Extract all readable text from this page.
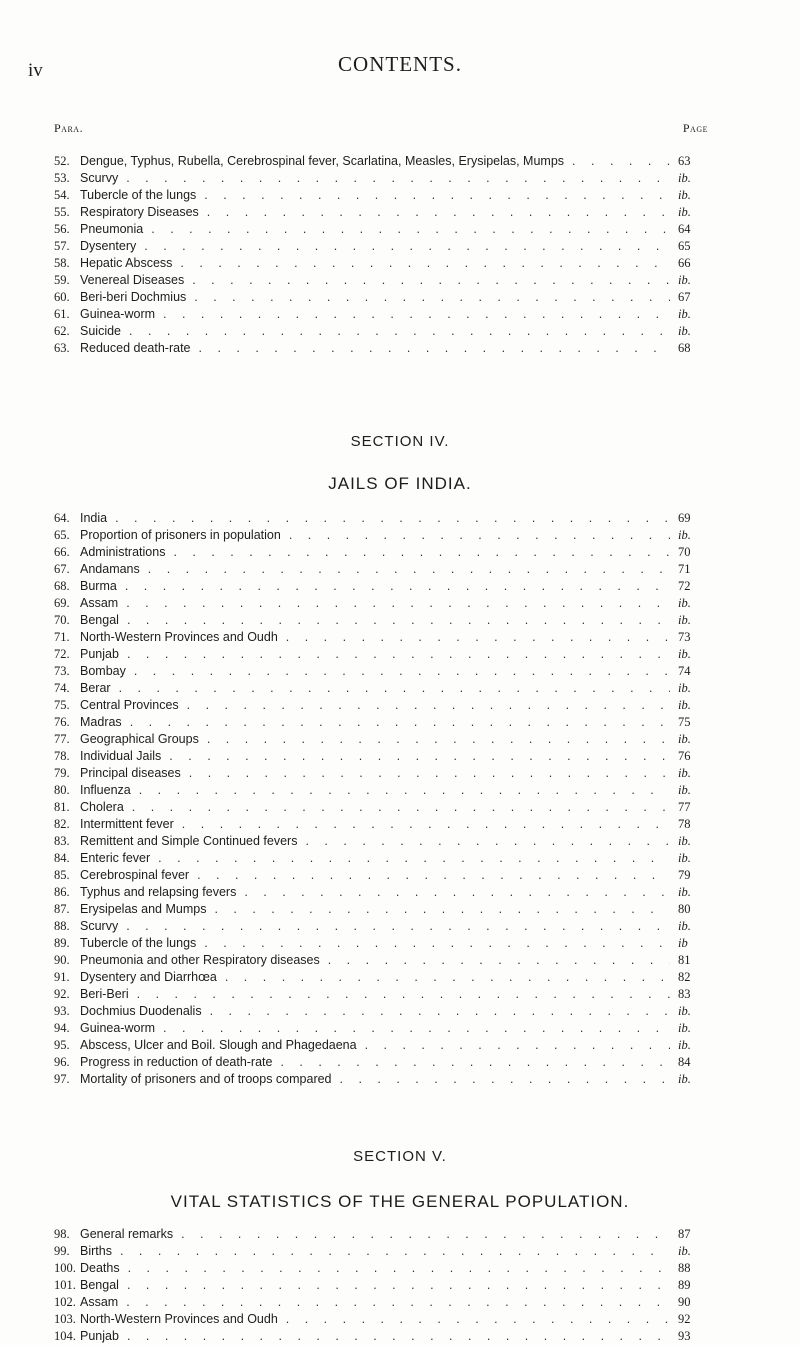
iv	CONTENTS.
Para.	Page
52. Dengue, Typhus, Rubella, Cerebrospinal fever, Scarlatina, Measles, Erysipelas, Mumps . . .	63
53. Scurvy . . .	ib.
54. Tubercle of the lungs . . .	ib.
55. Respiratory Diseases . . .	ib.
56. Pneumonia . . .	64
57. Dysentery . . .	65
58. Hepatic Abscess . . .	66
59. Venereal Diseases . . .	ib.
60. Beri-beri Dochmius . . .	67
61. Guinea-worm . . .	ib.
62. Suicide . . .	ib.
63. Reduced death-rate . . .	68
SECTION IV.
JAILS OF INDIA.
64. India . . .	69
65. Proportion of prisoners in population . . .	ib.
66. Administrations . . .	70
67. Andamans . . .	71
68. Burma . . .	72
69. Assam . . .	ib.
70. Bengal . . .	ib.
71. North-Western Provinces and Oudh . . .	73
72. Punjab . . .	ib.
73. Bombay . . .	74
74. Berar . . .	ib.
75. Central Provinces . . .	ib.
76. Madras . . .	75
77. Geographical Groups . . .	ib.
78. Individual Jails . . .	76
79. Principal diseases . . .	ib.
80. Influenza . . .	ib.
81. Cholera . . .	77
82. Intermittent fever . . .	78
83. Remittent and Simple Continued fevers . . .	ib.
84. Enteric fever . . .	ib.
85. Cerebrospinal fever . . .	79
86. Typhus and relapsing fevers . . .	ib.
87. Erysipelas and Mumps . . .	80
88. Scurvy . . .	ib.
89. Tubercle of the lungs . . .	ib
90. Pneumonia and other Respiratory diseases . . .	81
91. Dysentery and Diarrhœa . . .	82
92. Beri-Beri . . .	83
93. Dochmius Duodenalis . . .	ib.
94. Guinea-worm . . .	ib.
95. Abscess, Ulcer and Boil. Slough and Phagedaena . . .	ib.
96. Progress in reduction of death-rate . . .	84
97. Mortality of prisoners and of troops compared . . .	ib.
SECTION V.
VITAL STATISTICS OF THE GENERAL POPULATION.
98. General remarks . . .	87
99. Births . . .	ib.
100. Deaths . . .	88
101. Bengal . . .	89
102. Assam . . .	90
103. North-Western Provinces and Oudh . . .	92
104. Punjab . . .	93
